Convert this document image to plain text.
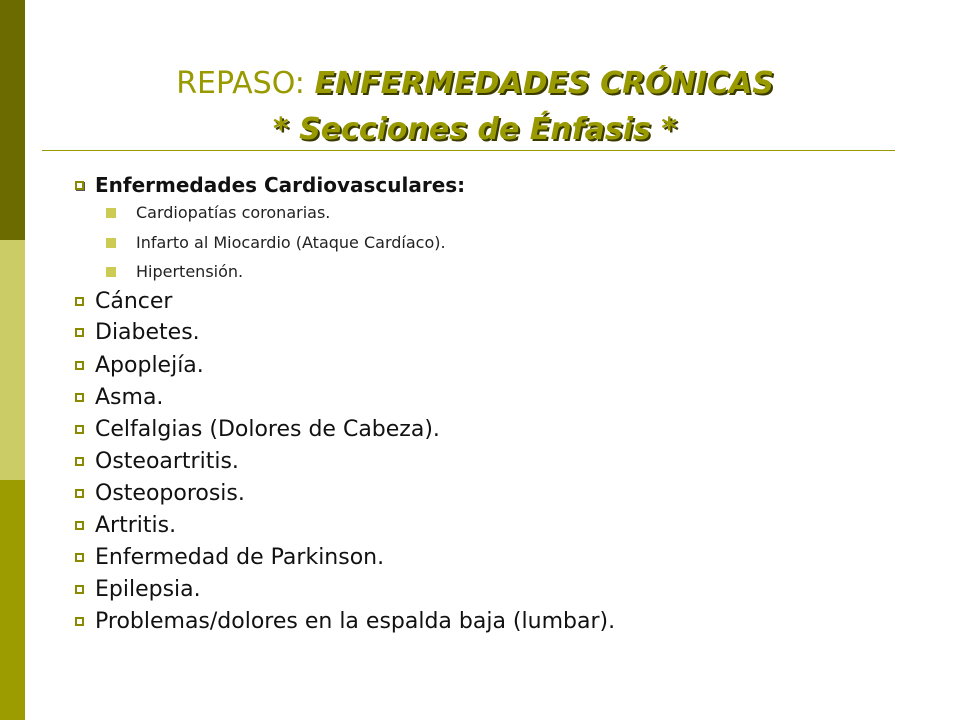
REPASO: ENFERMEDADES CRÓNICAS
* Secciones de Énfasis *
Enfermedades Cardiovasculares:
Cardiopatías coronarias.
Infarto al Miocardio (Ataque Cardíaco).
Hipertensión.
Cáncer
Diabetes.
Apoplejía.
Asma.
Celfalgias (Dolores de Cabeza).
Osteoartritis.
Osteoporosis.
Artritis.
Enfermedad de Parkinson.
Epilepsia.
Problemas/dolores en la espalda baja (lumbar).
